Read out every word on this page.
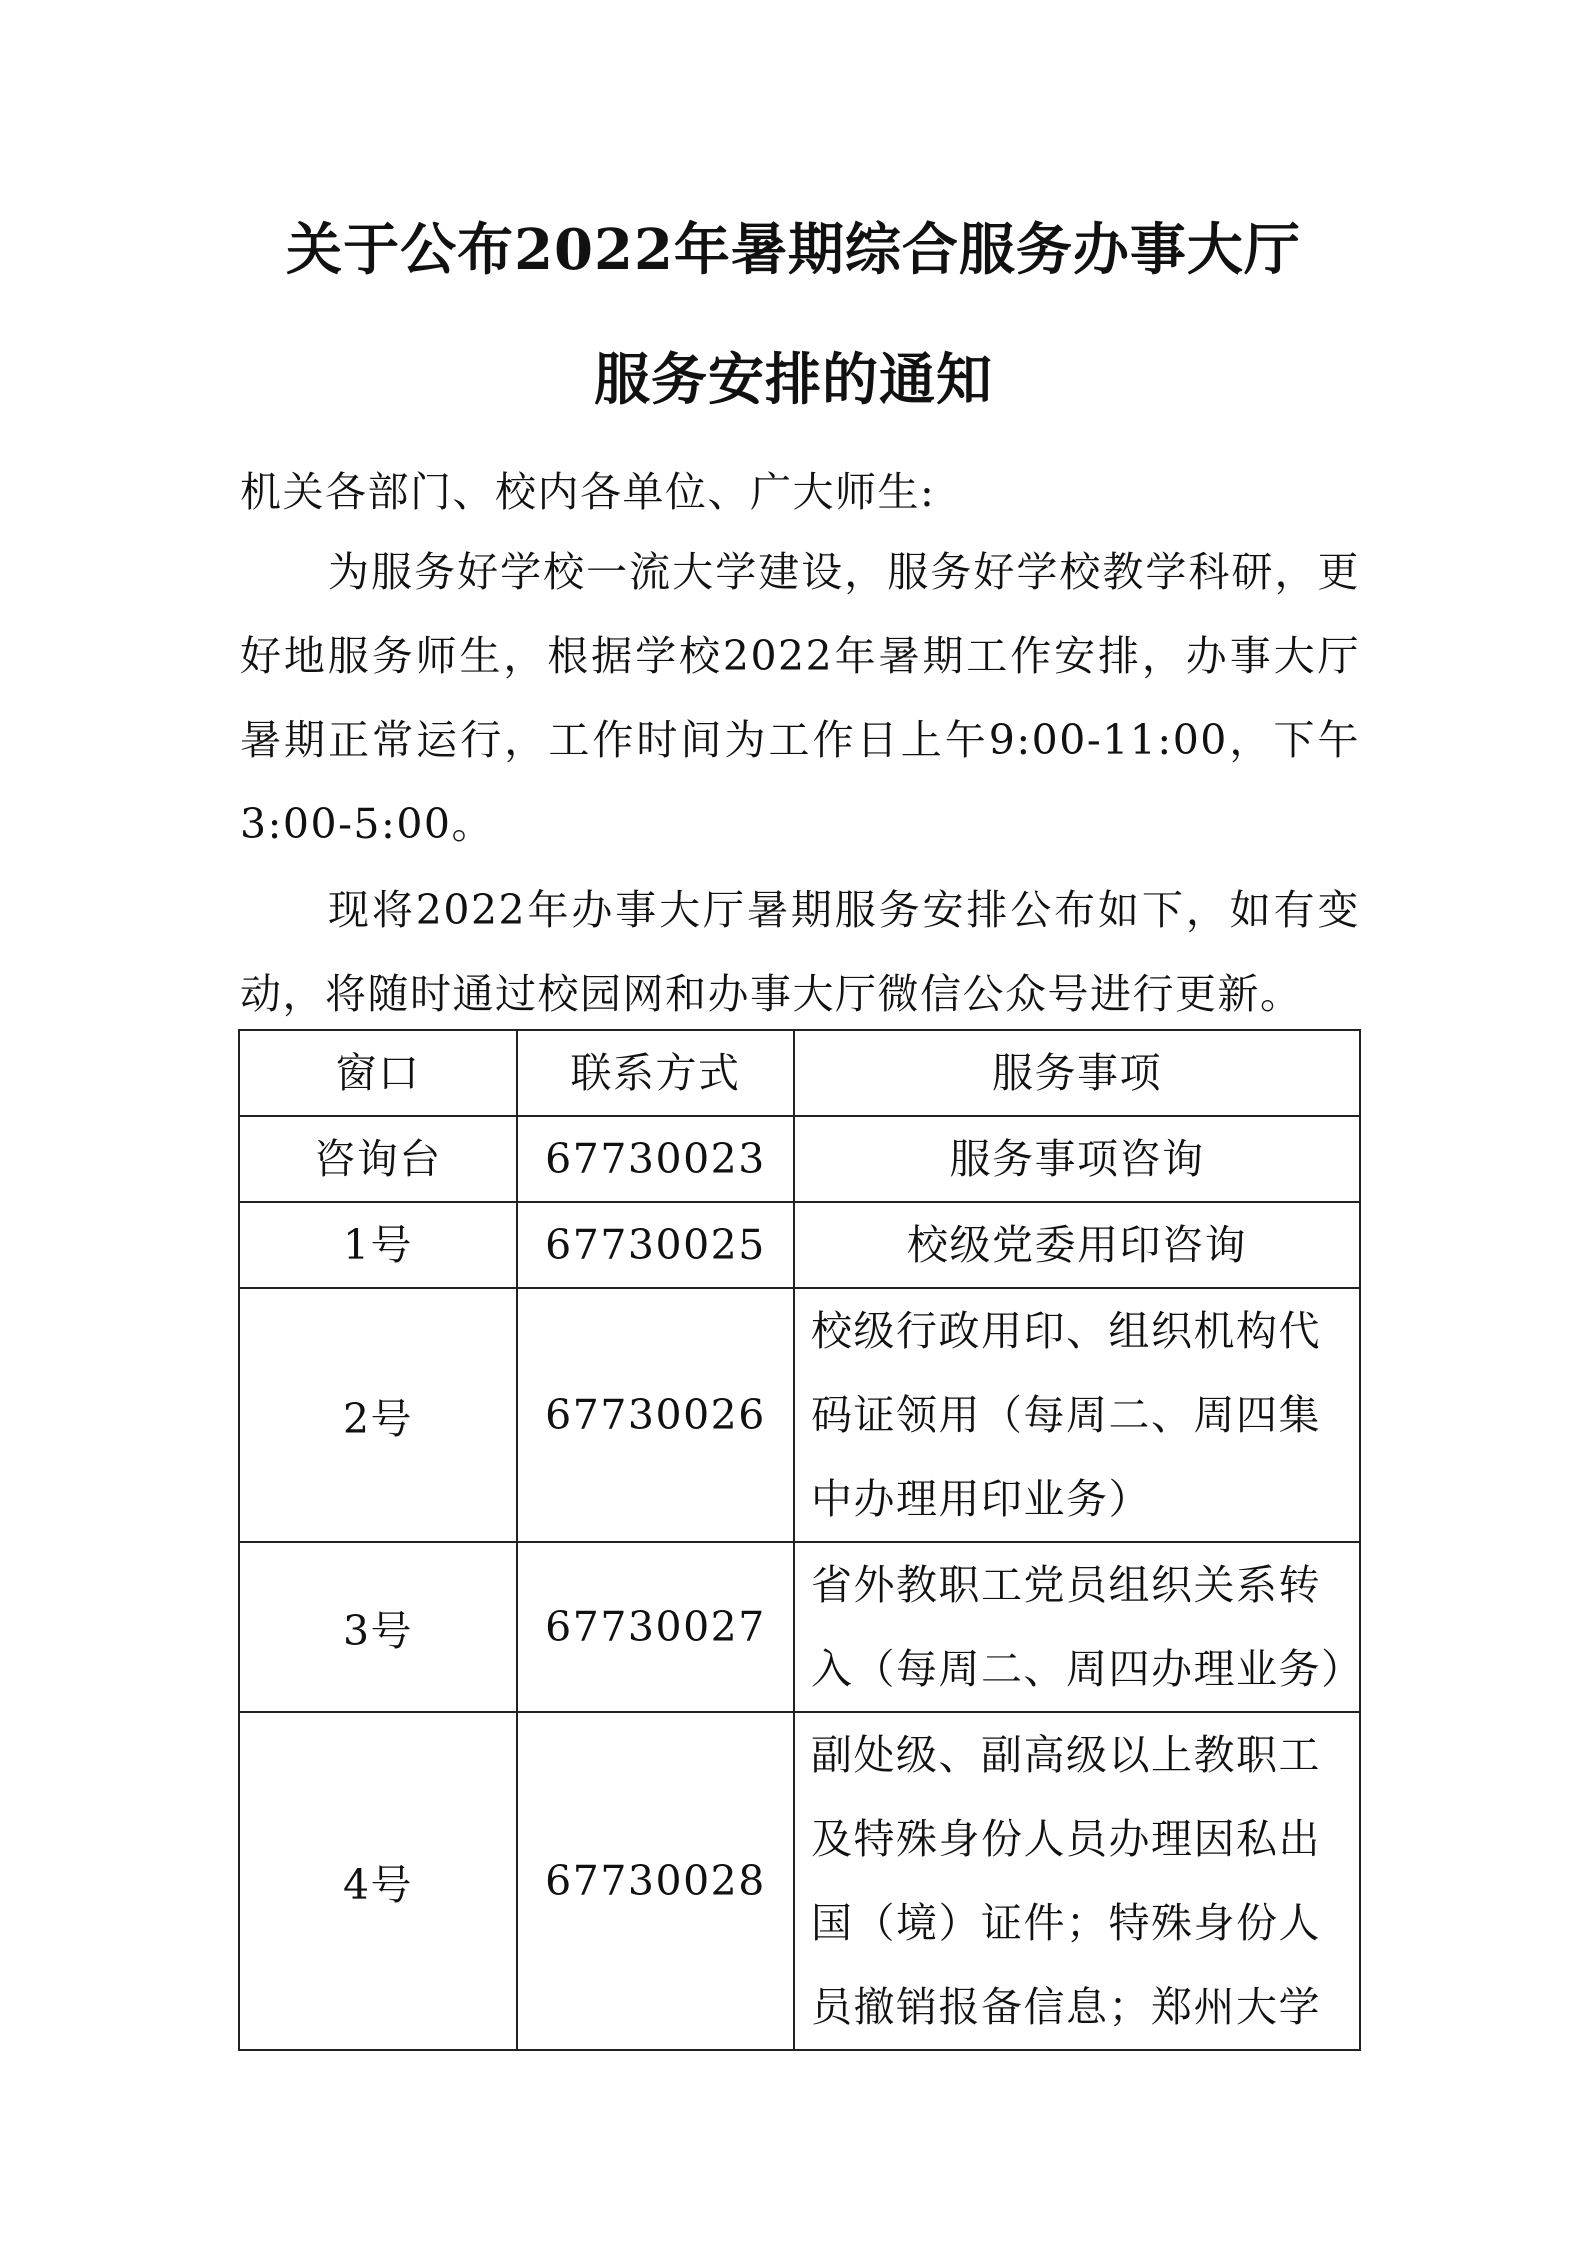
关于公布2022年暑期综合服务办事大厅
服务安排的通知

机关各部门、校内各单位、广大师生:

为服务好学校一流大学建设，服务好学校教学科研，更好地服务师生，根据学校2022年暑期工作安排，办事大厅暑期正常运行，工作时间为工作日上午9:00-11:00，下午3:00-5:00。

现将2022年办事大厅暑期服务安排公布如下，如有变动，将随时通过校园网和办事大厅微信公众号进行更新。

窗口	联系方式	服务事项
咨询台	67730023	服务事项咨询
1号	67730025	校级党委用印咨询
2号	67730026	校级行政用印、组织机构代码证领用（每周二、周四集中办理用印业务）
3号	67730027	省外教职工党员组织关系转入（每周二、周四办理业务）
4号	67730028	副处级、副高级以上教职工及特殊身份人员办理因私出国（境）证件；特殊身份人员撤销报备信息；郑州大学
